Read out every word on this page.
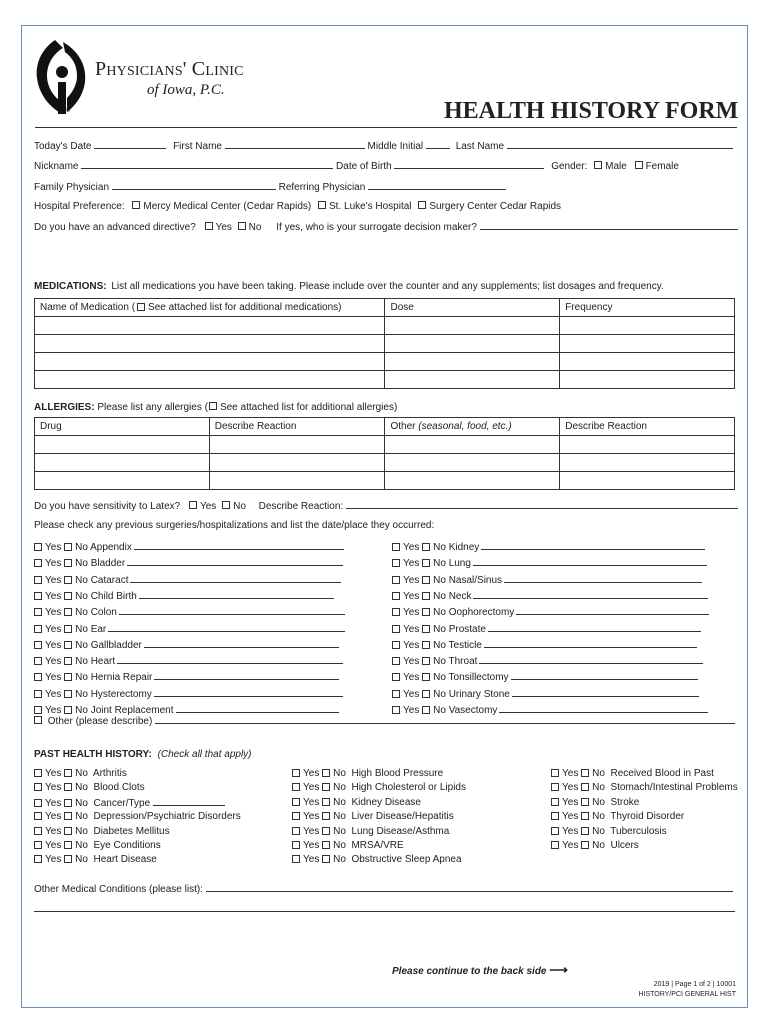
®
Physicians' Clinic
of Iowa, P.C.
HEALTH HISTORY FORM
Today's Date	First Name	Middle Initial	Last Name
Nickname	Date of Birth	Gender: Male Female
Family Physician	Referring Physician
Hospital Preference: Mercy Medical Center (Cedar Rapids) St. Luke's Hospital Surgery Center Cedar Rapids
Do you have an advanced directive? Yes No If yes, who is your surrogate decision maker?
MEDICATIONS: List all medications you have been taking. Please include over the counter and any supplements; list dosages and frequency.
Name of Medication ( See attached list for additional medications)	Dose	Frequency

ALLERGIES: Please list any allergies ( See attached list for additional allergies)
Drug	Describe Reaction	Other (seasonal, food, etc.)	Describe Reaction

Do you have sensitivity to Latex? Yes No Describe Reaction:
Please check any previous surgeries/hospitalizations and list the date/place they occurred:
Yes No Appendix
Yes No Bladder
Yes No Cataract
Yes No Child Birth
Yes No Colon
Yes No Ear
Yes No Gallbladder
Yes No Heart
Yes No Hernia Repair
Yes No Hysterectomy
Yes No Joint Replacement
Yes No Kidney
Yes No Lung
Yes No Nasal/Sinus
Yes No Neck
Yes No Oophorectomy
Yes No Prostate
Yes No Testicle
Yes No Throat
Yes No Tonsillectomy
Yes No Urinary Stone
Yes No Vasectomy
Other (please describe)
PAST HEALTH HISTORY: (Check all that apply)
Yes No Arthritis
Yes No Blood Clots
Yes No Cancer/Type
Yes No Depression/Psychiatric Disorders
Yes No Diabetes Mellitus
Yes No Eye Conditions
Yes No Heart Disease
Yes No High Blood Pressure
Yes No High Cholesterol or Lipids
Yes No Kidney Disease
Yes No Liver Disease/Hepatitis
Yes No Lung Disease/Asthma
Yes No MRSA/VRE
Yes No Obstructive Sleep Apnea
Yes No Received Blood in Past
Yes No Stomach/Intestinal Problems
Yes No Stroke
Yes No Thyroid Disorder
Yes No Tuberculosis
Yes No Ulcers
Other Medical Conditions (please list):
Please continue to the back side ⟶
2019 | Page 1 of 2 | 10001
HISTORY/PCI GENERAL HIST
